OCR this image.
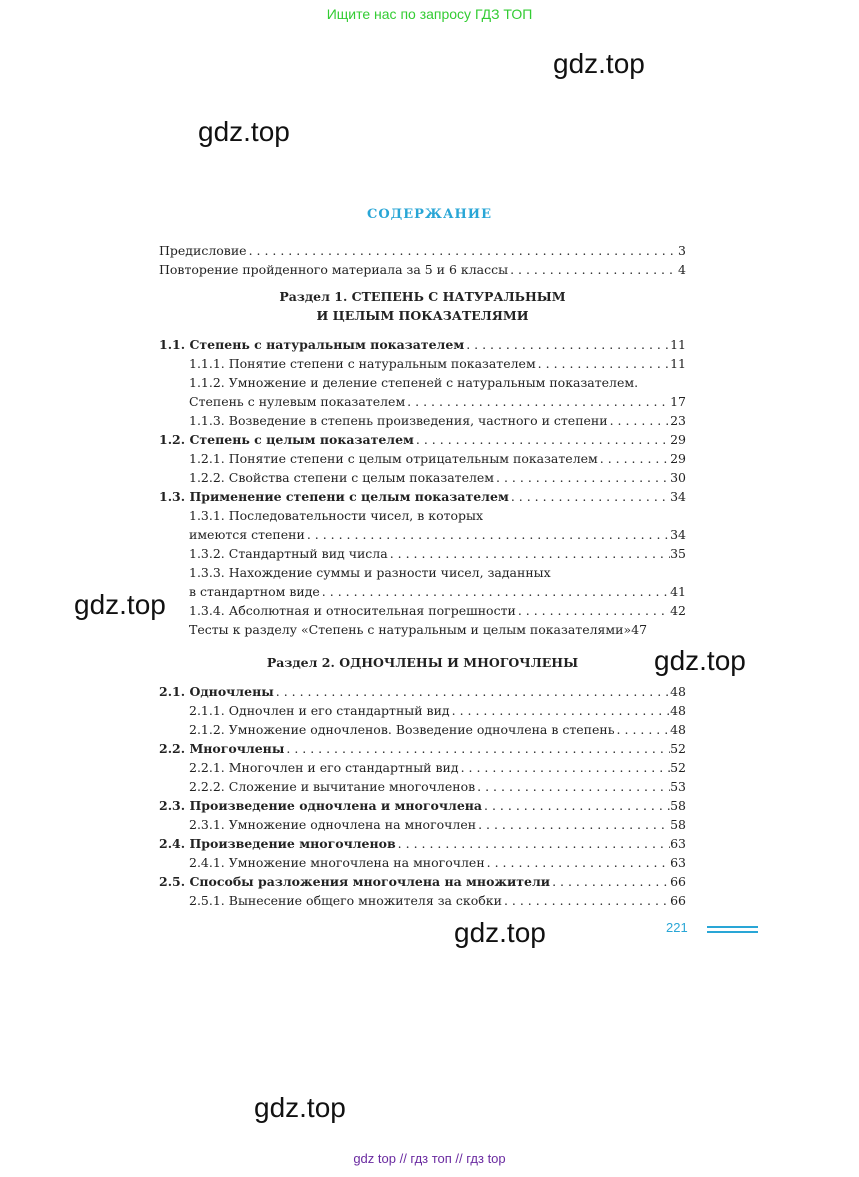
Ищите нас по запросу ГДЗ ТОП
gdz.top
gdz.top
gdz.top
gdz.top
gdz.top
gdz.top
СОДЕРЖАНИЕ
Предисловие . . .	3
Повторение пройденного материала за 5 и 6 классы . . .	4
Раздел 1. СТЕПЕНЬ С НАТУРАЛЬНЫМ
И ЦЕЛЫМ ПОКАЗАТЕЛЯМИ
1.1. Степень с натуральным показателем . . .	11
1.1.1. Понятие степени с натуральным показателем . . .	11
1.1.2. Умножение и деление степеней с натуральным показателем.
Степень с нулевым показателем . . .	17
1.1.3. Возведение в степень произведения, частного и степени . . .	23
1.2. Степень с целым показателем . . .	29
1.2.1. Понятие степени с целым отрицательным показателем . . .	29
1.2.2. Свойства степени с целым показателем . . .	30
1.3. Применение степени с целым показателем . . .	34
1.3.1. Последовательности чисел, в которых
имеются степени . . .	34
1.3.2. Стандартный вид числа . . .	35
1.3.3. Нахождение суммы и разности чисел, заданных
в стандартном виде . . .	41
1.3.4. Абсолютная и относительная погрешности . . .	42
Тесты к разделу «Степень с натуральным и целым показателями» 47
Раздел 2. ОДНОЧЛЕНЫ И МНОГОЧЛЕНЫ
2.1. Одночлены . . .	48
2.1.1. Одночлен и его стандартный вид . . .	48
2.1.2. Умножение одночленов. Возведение одночлена в степень . . .	48
2.2. Многочлены . . .	52
2.2.1. Многочлен и его стандартный вид . . .	52
2.2.2. Сложение и вычитание многочленов . . .	53
2.3. Произведение одночлена и многочлена . . .	58
2.3.1. Умножение одночлена на многочлен . . .	58
2.4. Произведение многочленов . . .	63
2.4.1. Умножение многочлена на многочлен . . .	63
2.5. Способы разложения многочлена на множители . . .	66
2.5.1. Вынесение общего множителя за скобки . . .	66
221
gdz top // гдз топ // гдз top
